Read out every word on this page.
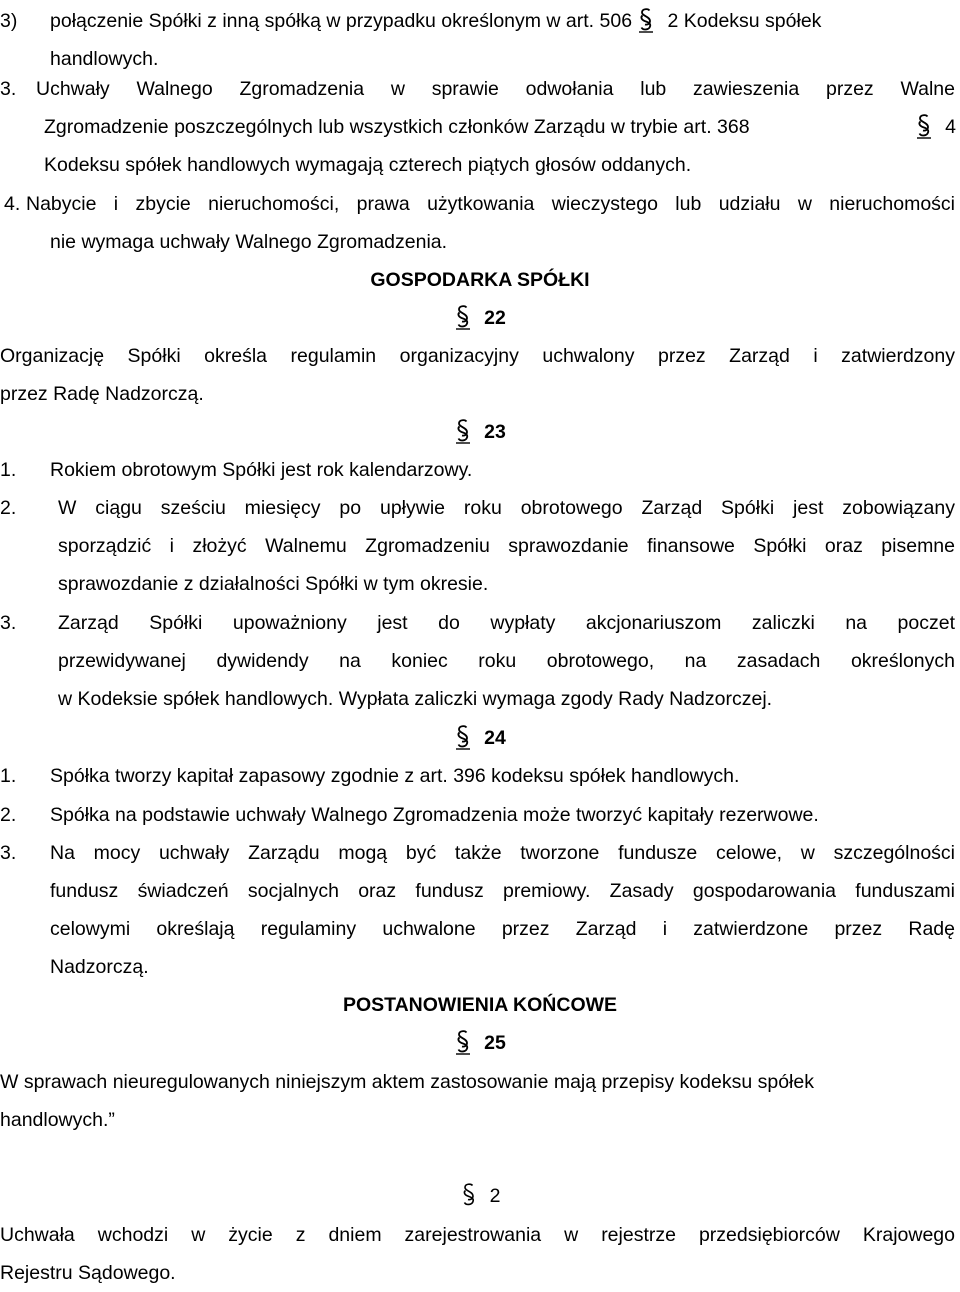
3) połączenie Spółki z inną spółką w przypadku określonym w art. 506 2 Kodeksu spółek
handlowych.
3. Uchwały Walnego Zgromadzenia w sprawie odwołania lub zawieszenia przez Walne
Zgromadzenie poszczególnych lub wszystkich członków Zarządu w trybie art. 368	4
Kodeksu spółek handlowych wymagają czterech piątych głosów oddanych.
4. Nabycie i zbycie nieruchomości, prawa użytkowania wieczystego lub udziału w nieruchomości
nie wymaga uchwały Walnego Zgromadzenia.
GOSPODARKA SPÓŁKI
22
Organizację Spółki określa regulamin organizacyjny uchwalony przez Zarząd i zatwierdzony
przez Radę Nadzorczą.
23
1. Rokiem obrotowym Spółki jest rok kalendarzowy.
2. W ciągu sześciu miesięcy po upływie roku obrotowego Zarząd Spółki jest zobowiązany
sporządzić i złożyć Walnemu Zgromadzeniu sprawozdanie finansowe Spółki oraz pisemne
sprawozdanie z działalności Spółki w tym okresie.
3. Zarząd Spółki upoważniony jest do wypłaty akcjonariuszom zaliczki na poczet
przewidywanej dywidendy na koniec roku obrotowego, na zasadach określonych
w Kodeksie spółek handlowych. Wypłata zaliczki wymaga zgody Rady Nadzorczej.
24
1. Spółka tworzy kapitał zapasowy zgodnie z art. 396 kodeksu spółek handlowych.
2. Spółka na podstawie uchwały Walnego Zgromadzenia może tworzyć kapitały rezerwowe.
3. Na mocy uchwały Zarządu mogą być także tworzone fundusze celowe, w szczególności
fundusz świadczeń socjalnych oraz fundusz premiowy. Zasady gospodarowania funduszami
celowymi określają regulaminy uchwalone przez Zarząd i zatwierdzone przez Radę
Nadzorczą.
POSTANOWIENIA KOŃCOWE
25
W sprawach nieuregulowanych niniejszym aktem zastosowanie mają przepisy kodeksu spółek
handlowych.”
2
Uchwała wchodzi w życie z dniem zarejestrowania w rejestrze przedsiębiorców Krajowego
Rejestru Sądowego.
